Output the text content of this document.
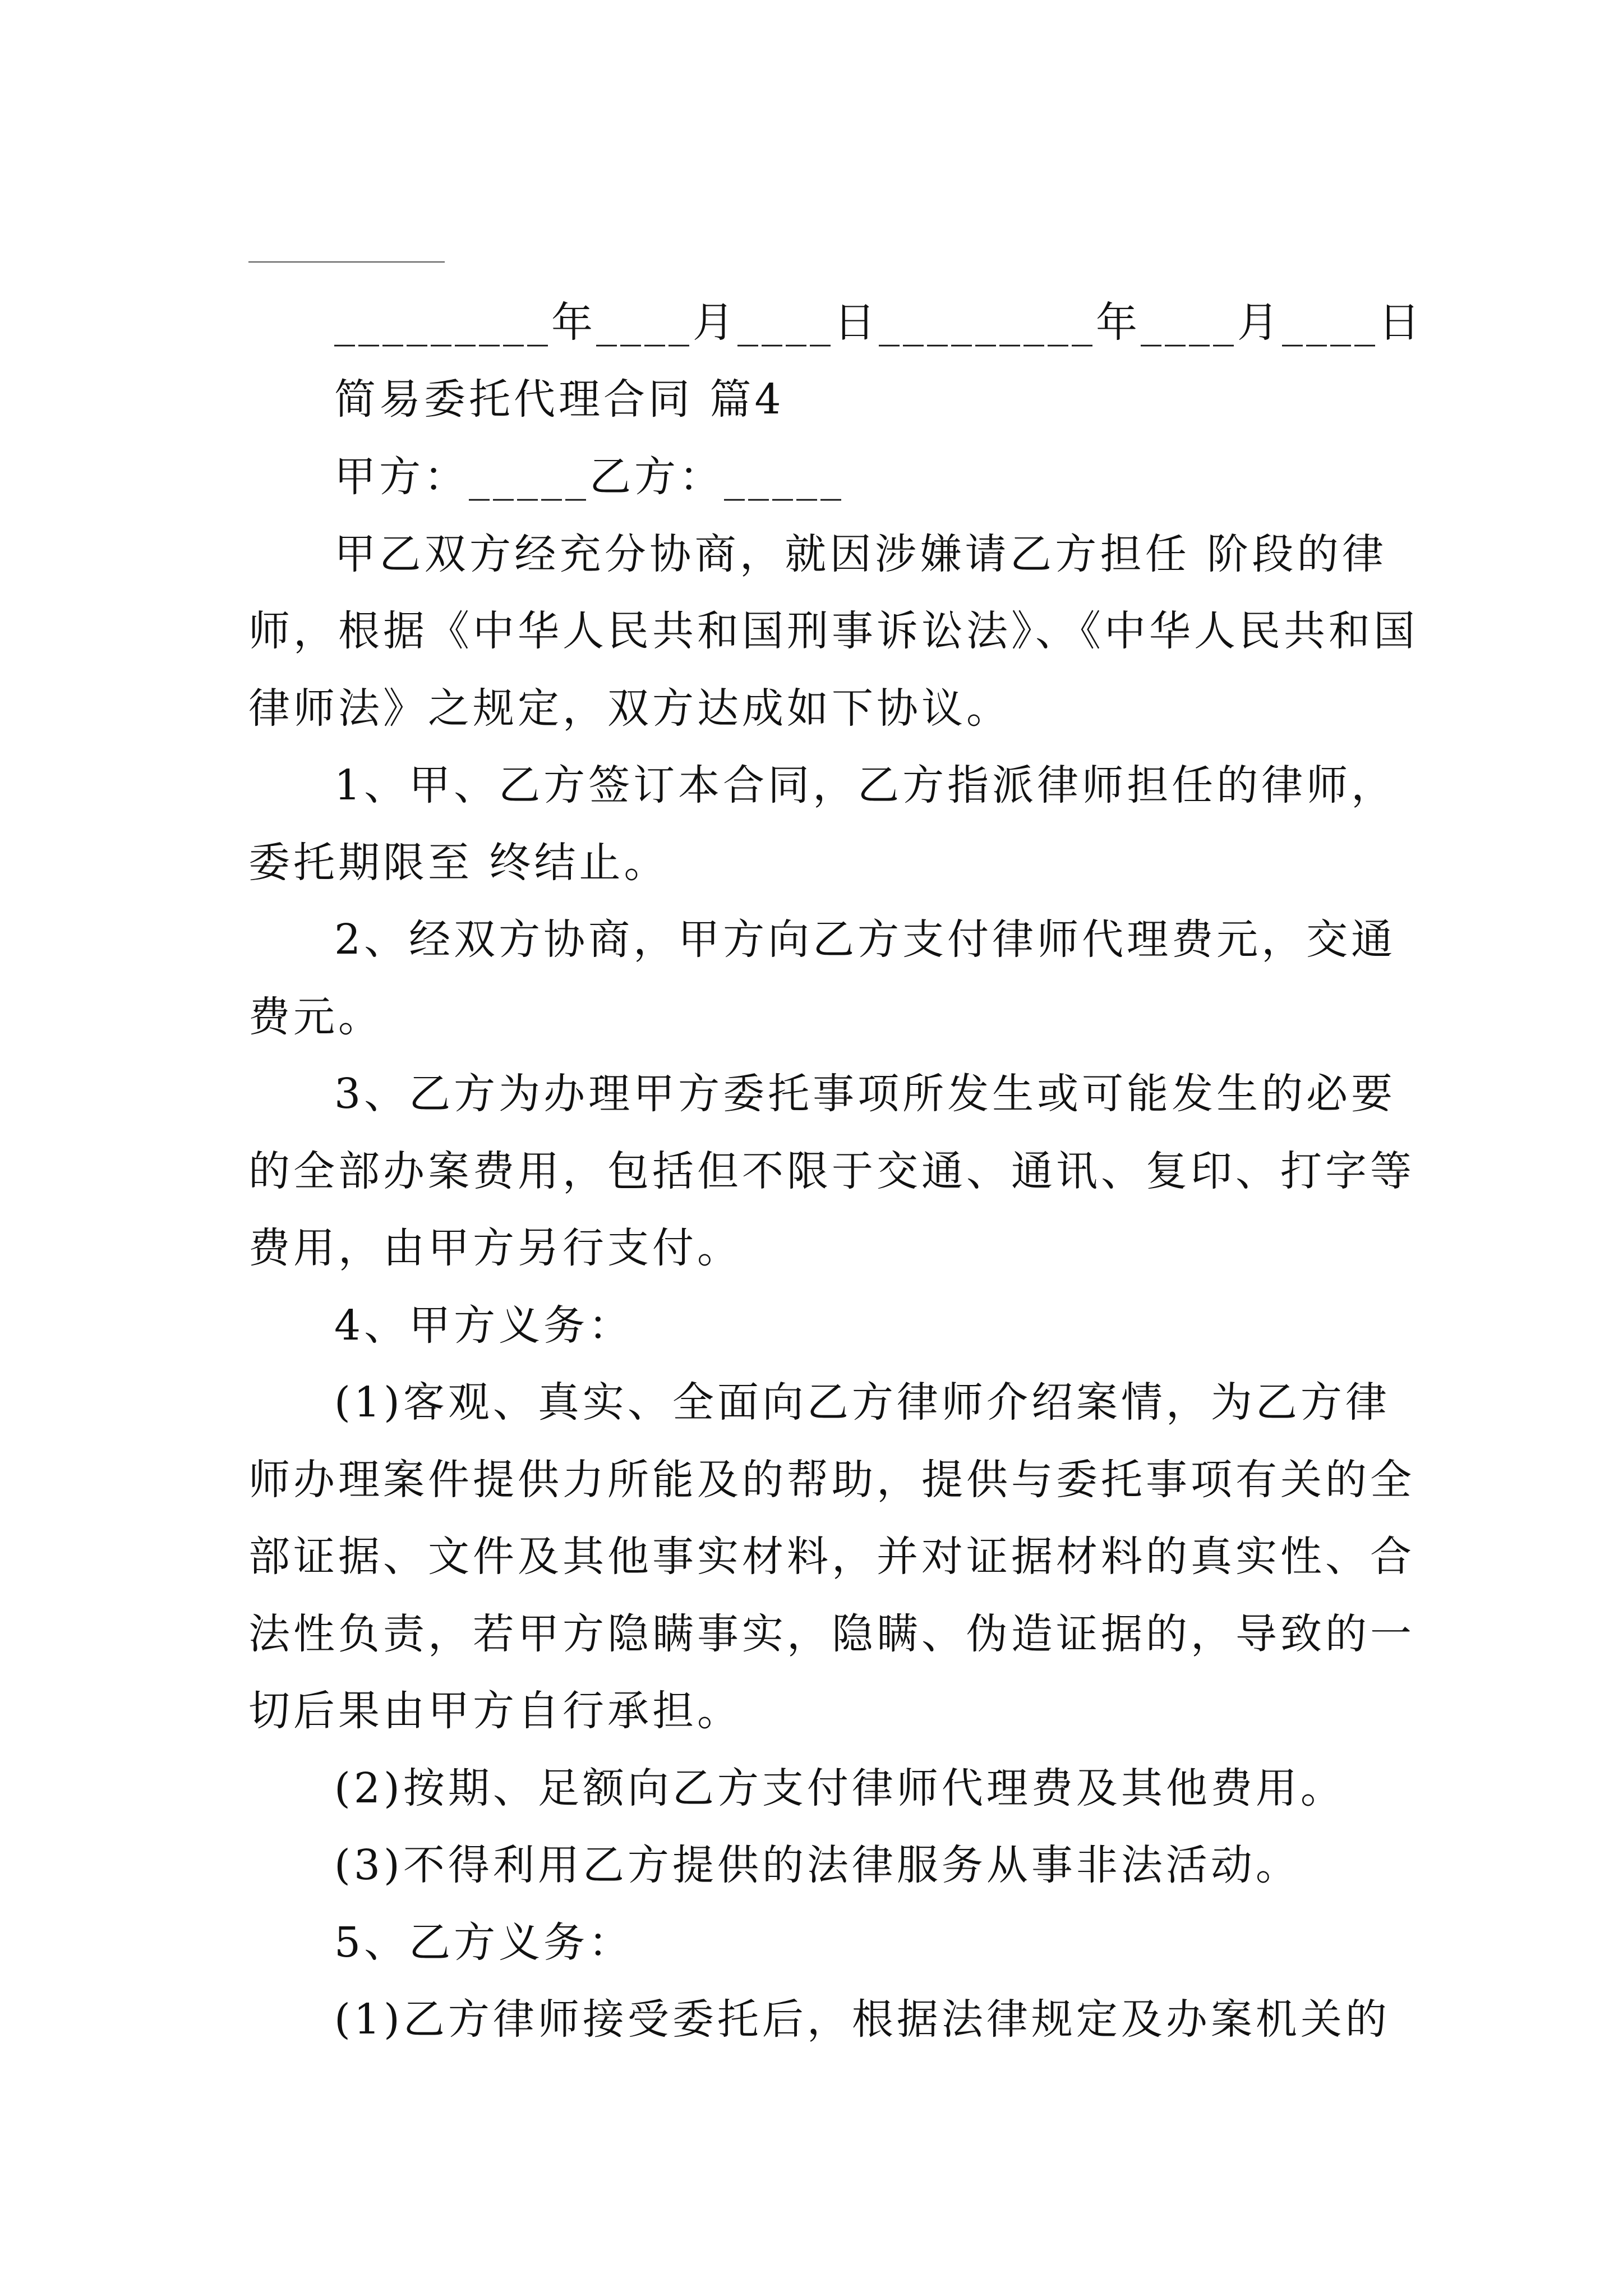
_________年____月____日_________年____月____日
简易委托代理合同 篇4
甲方：_____乙方：_____
甲乙双方经充分协商，就因涉嫌请乙方担任 阶段的律
师，根据《中华人民共和国刑事诉讼法》、《中华人民共和国
律师法》之规定，双方达成如下协议。
1、甲、乙方签订本合同，乙方指派律师担任的律师，
委托期限至 终结止。
2、经双方协商，甲方向乙方支付律师代理费元，交通
费元。
3、乙方为办理甲方委托事项所发生或可能发生的必要
的全部办案费用，包括但不限于交通、通讯、复印、打字等
费用，由甲方另行支付。
4、甲方义务：
(1)客观、真实、全面向乙方律师介绍案情，为乙方律
师办理案件提供力所能及的帮助，提供与委托事项有关的全
部证据、文件及其他事实材料，并对证据材料的真实性、合
法性负责，若甲方隐瞒事实，隐瞒、伪造证据的，导致的一
切后果由甲方自行承担。
(2)按期、足额向乙方支付律师代理费及其他费用。
(3)不得利用乙方提供的法律服务从事非法活动。
5、乙方义务：
(1)乙方律师接受委托后，根据法律规定及办案机关的
